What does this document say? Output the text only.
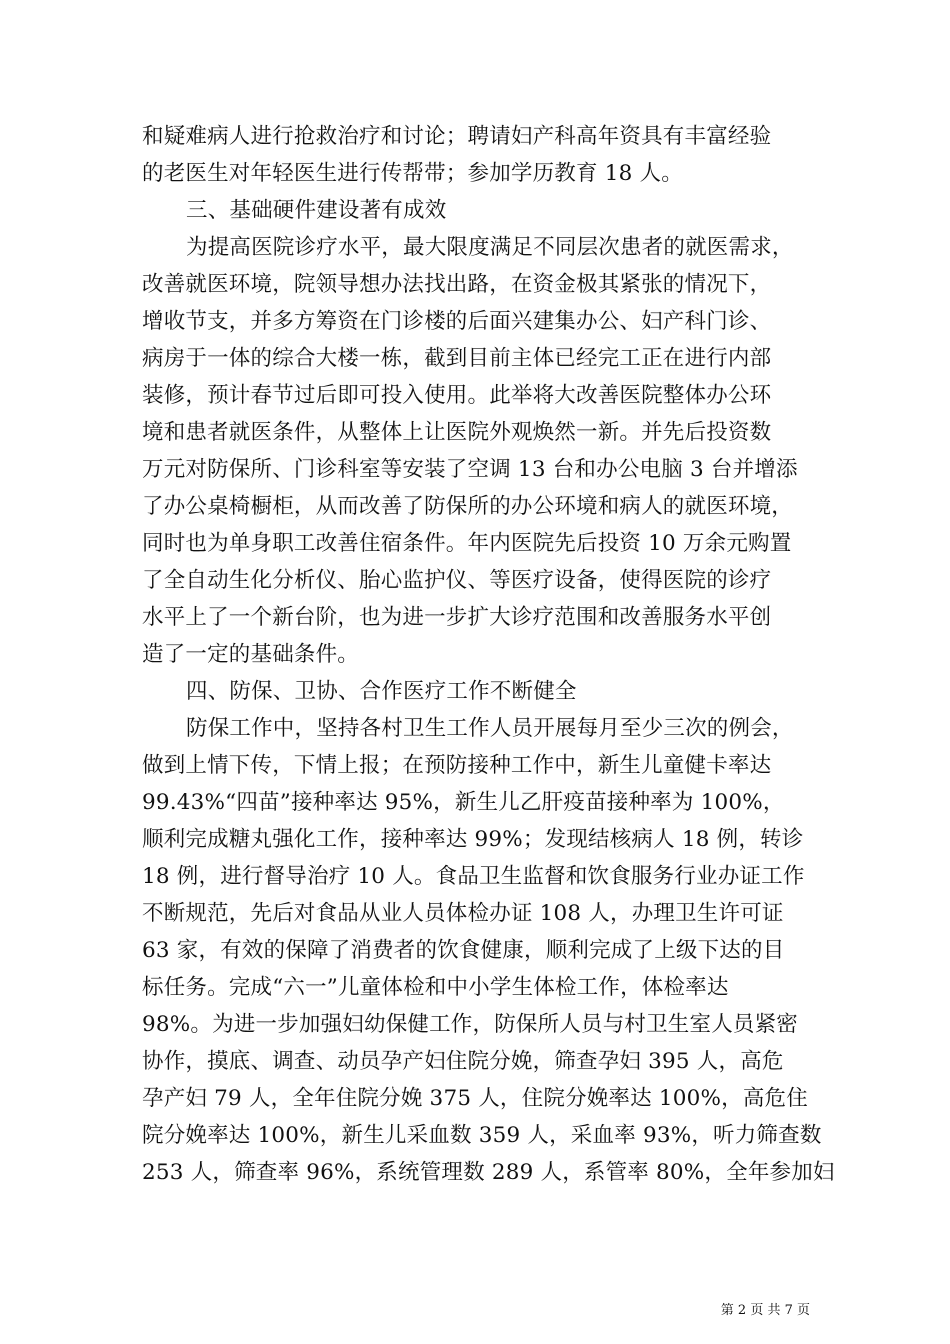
和疑难病人进行抢救治疗和讨论；聘请妇产科高年资具有丰富经验
的老医生对年轻医生进行传帮带；参加学历教育 18 人。
三、基础硬件建设著有成效
为提高医院诊疗水平，最大限度满足不同层次患者的就医需求，
改善就医环境，院领导想办法找出路，在资金极其紧张的情况下，
增收节支，并多方筹资在门诊楼的后面兴建集办公、妇产科门诊、
病房于一体的综合大楼一栋，截到目前主体已经完工正在进行内部
装修，预计春节过后即可投入使用。此举将大改善医院整体办公环
境和患者就医条件，从整体上让医院外观焕然一新。并先后投资数
万元对防保所、门诊科室等安装了空调 13 台和办公电脑 3 台并增添
了办公桌椅橱柜，从而改善了防保所的办公环境和病人的就医环境，
同时也为单身职工改善住宿条件。年内医院先后投资 10 万余元购置
了全自动生化分析仪、胎心监护仪、等医疗设备，使得医院的诊疗
水平上了一个新台阶，也为进一步扩大诊疗范围和改善服务水平创
造了一定的基础条件。
四、防保、卫协、合作医疗工作不断健全
防保工作中，坚持各村卫生工作人员开展每月至少三次的例会，
做到上情下传，下情上报；在预防接种工作中，新生儿童健卡率达
99.43%“四苗”接种率达 95%，新生儿乙肝疫苗接种率为 100%，
顺利完成糖丸强化工作，接种率达 99%；发现结核病人 18 例，转诊
18 例，进行督导治疗 10 人。食品卫生监督和饮食服务行业办证工作
不断规范，先后对食品从业人员体检办证 108 人，办理卫生许可证
63 家，有效的保障了消费者的饮食健康，顺利完成了上级下达的目
标任务。完成“六一”儿童体检和中小学生体检工作，体检率达
98%。为进一步加强妇幼保健工作，防保所人员与村卫生室人员紧密
协作，摸底、调查、动员孕产妇住院分娩，筛查孕妇 395 人，高危
孕产妇 79 人，全年住院分娩 375 人，住院分娩率达 100%，高危住
院分娩率达 100%，新生儿采血数 359 人，采血率 93%，听力筛查数
253 人，筛查率 96%，系统管理数 289 人，系管率 80%，全年参加妇
第 2 页 共 7 页
